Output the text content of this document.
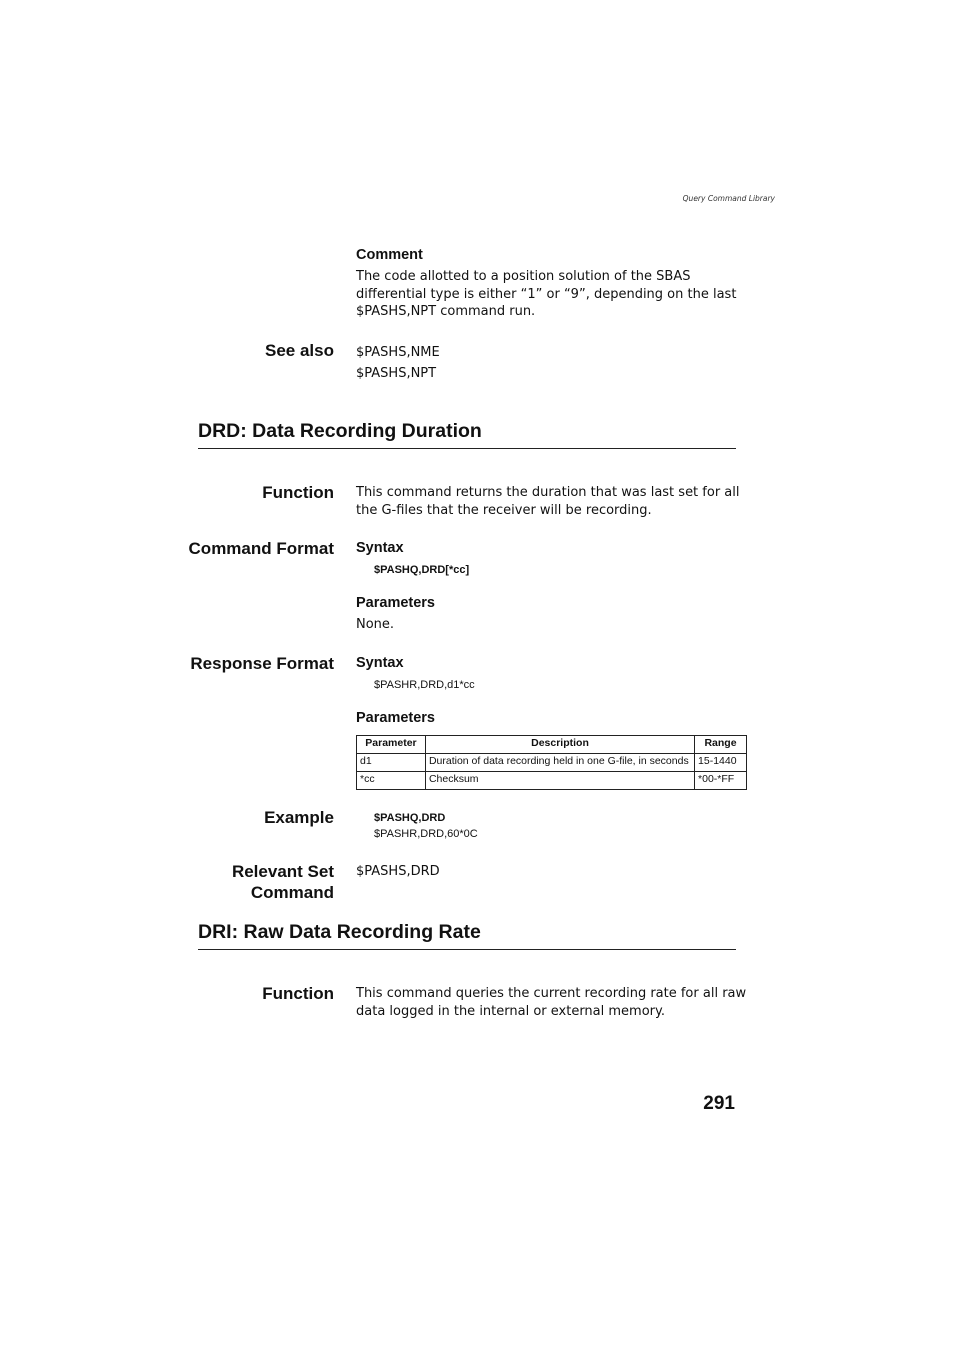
Query Command Library
Comment
The code allotted to a position solution of the SBAS
differential type is either “1” or “9”, depending on the last
$PASHS,NPT command run.
See also $PASHS,NME
$PASHS,NPT
DRD: Data Recording Duration
Function This command returns the duration that was last set for all
the G-files that the receiver will be recording.
Command Format Syntax
$PASHQ,DRD[*cc]
Parameters
None.
Response Format Syntax
$PASHR,DRD,d1*cc
Parameters
Parameter	Description	Range
d1	Duration of data recording held in one G-file, in seconds	15-1440
*cc	Checksum	*00-*FF
Example	$PASHQ,DRD
$PASHR,DRD,60*0C
Relevant Set
Command
$PASHS,DRD
DRI: Raw Data Recording Rate
Function This command queries the current recording rate for all raw
data logged in the internal or external memory.
291
